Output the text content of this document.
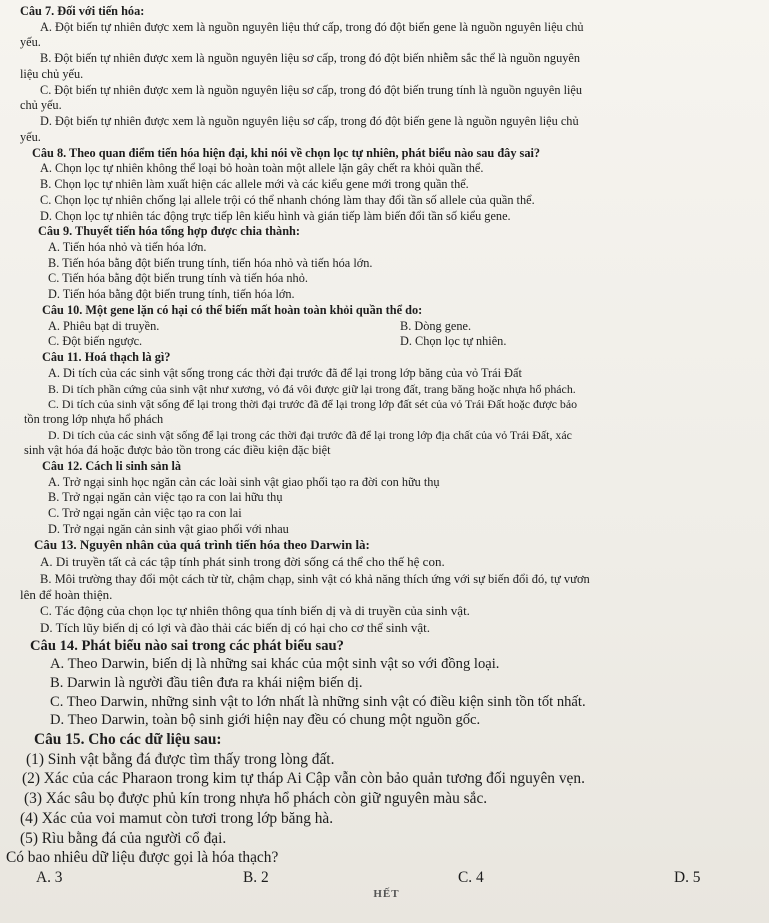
Câu 7. Đối với tiến hóa:
A. Đột biến tự nhiên được xem là nguồn nguyên liệu thứ cấp, trong đó đột biến gene là nguồn nguyên liệu chủ
yếu.
B. Đột biến tự nhiên được xem là nguồn nguyên liệu sơ cấp, trong đó đột biến nhiễm sắc thể là nguồn nguyên
liệu chủ yếu.
C. Đột biến tự nhiên được xem là nguồn nguyên liệu sơ cấp, trong đó đột biến trung tính là nguồn nguyên liệu
chủ yếu.
D. Đột biến tự nhiên được xem là nguồn nguyên liệu sơ cấp, trong đó đột biến gene là nguồn nguyên liệu chủ
yếu.
Câu 8. Theo quan điểm tiến hóa hiện đại, khi nói về chọn lọc tự nhiên, phát biểu nào sau đây sai?
A. Chọn lọc tự nhiên không thể loại bỏ hoàn toàn một allele lặn gây chết ra khỏi quần thể.
B. Chọn lọc tự nhiên làm xuất hiện các allele mới và các kiểu gene mới trong quần thể.
C. Chọn lọc tự nhiên chống lại allele trội có thể nhanh chóng làm thay đổi tần số allele của quần thể.
D. Chọn lọc tự nhiên tác động trực tiếp lên kiểu hình và gián tiếp làm biến đổi tần số kiểu gene.
Câu 9. Thuyết tiến hóa tổng hợp được chia thành:
A. Tiến hóa nhỏ và tiến hóa lớn.
B. Tiến hóa bằng đột biến trung tính, tiến hóa nhỏ và tiến hóa lớn.
C. Tiến hóa bằng đột biến trung tính và tiến hóa nhỏ.
D. Tiến hóa bằng đột biến trung tính, tiến hóa lớn.
Câu 10. Một gene lặn có hại có thể biến mất hoàn toàn khỏi quần thể do:
A. Phiêu bạt di truyền.	B. Dòng gene.
C. Đột biến ngược.	D. Chọn lọc tự nhiên.
Câu 11. Hoá thạch là gì?
A. Di tích của các sinh vật sống trong các thời đại trước đã để lại trong lớp băng của vỏ Trái Đất
B. Di tích phần cứng của sinh vật như xương, vỏ đá vôi được giữ lại trong đất, trang băng hoặc nhựa hổ phách.
C. Di tích của sinh vật sống để lại trong thời đại trước đã để lại trong lớp đất sét của vỏ Trái Đất hoặc được bảo
tồn trong lớp nhựa hổ phách
D. Di tích của các sinh vật sống để lại trong các thời đại trước đã để lại trong lớp địa chất của vỏ Trái Đất, xác
sinh vật hóa đá hoặc được bảo tồn trong các điều kiện đặc biệt
Câu 12. Cách li sinh sản là
A. Trở ngại sinh học ngăn cản các loài sinh vật giao phối tạo ra đời con hữu thụ
B. Trở ngại ngăn cản việc tạo ra con lai hữu thụ
C. Trở ngại ngăn cản việc tạo ra con lai
D. Trở ngại ngăn cản sinh vật giao phối với nhau
Câu 13. Nguyên nhân của quá trình tiến hóa theo Darwin là:
A. Di truyền tất cả các tập tính phát sinh trong đời sống cá thể cho thế hệ con.
B. Môi trường thay đổi một cách từ từ, chậm chạp, sinh vật có khả năng thích ứng với sự biến đổi đó, tự vươn
lên để hoàn thiện.
C. Tác động của chọn lọc tự nhiên thông qua tính biến dị và di truyền của sinh vật.
D. Tích lũy biến dị có lợi và đào thải các biến dị có hại cho cơ thể sinh vật.
Câu 14. Phát biểu nào sai trong các phát biểu sau?
A. Theo Darwin, biến dị là những sai khác của một sinh vật so với đồng loại.
B. Darwin là người đầu tiên đưa ra khái niệm biến dị.
C. Theo Darwin, những sinh vật to lớn nhất là những sinh vật có điều kiện sinh tồn tốt nhất.
D. Theo Darwin, toàn bộ sinh giới hiện nay đều có chung một nguồn gốc.
Câu 15. Cho các dữ liệu sau:
(1) Sinh vật bằng đá được tìm thấy trong lòng đất.
(2) Xác của các Pharaon trong kim tự tháp Ai Cập vẫn còn bảo quản tương đối nguyên vẹn.
(3) Xác sâu bọ được phủ kín trong nhựa hổ phách còn giữ nguyên màu sắc.
(4) Xác của voi mamut còn tươi trong lớp băng hà.
(5) Rìu bằng đá của người cổ đại.
Có bao nhiêu dữ liệu được gọi là hóa thạch?
A. 3	B. 2	C. 4	D. 5
HẾT
